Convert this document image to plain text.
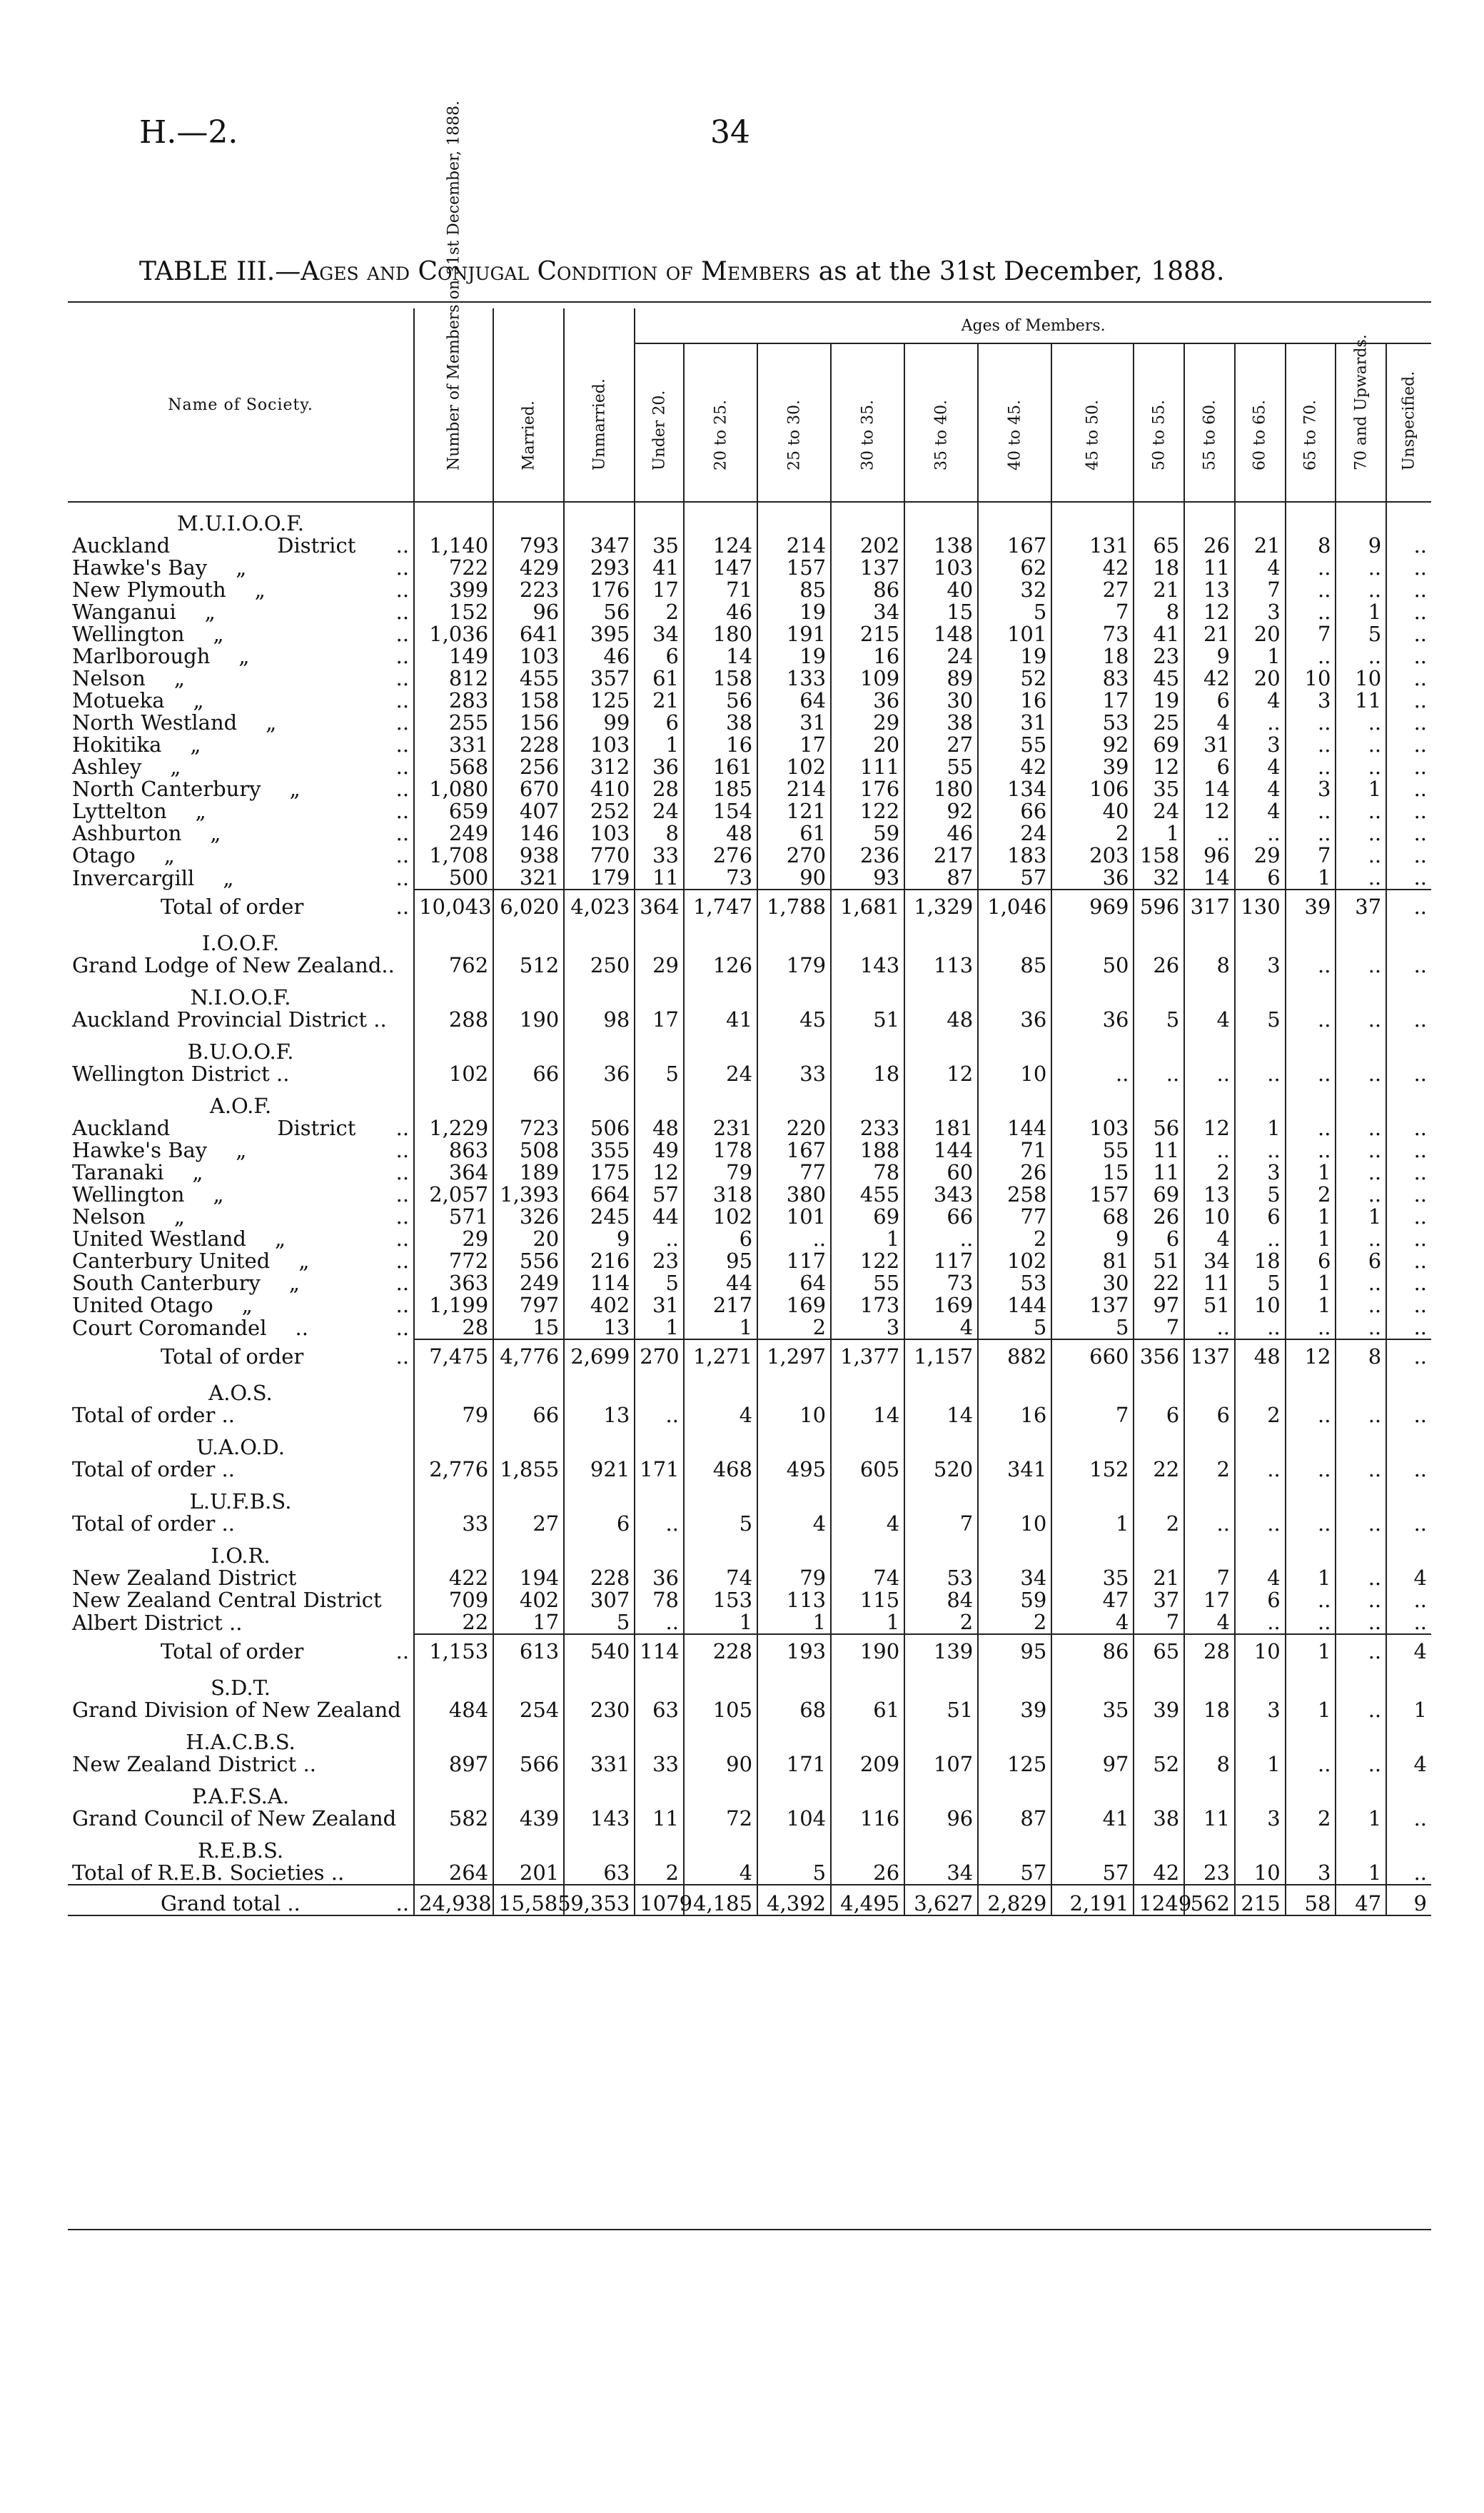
H.—2.	34
TABLE III.—Ages and Conjugal Condition of Members as at the 31st December, 1888.
Name of Society.	Number of Members on 31st December, 1888.	Married.	Unmarried.	Ages of Members.												

				Under 20.	20 to 25.	25 to 30.	30 to 35.	35 to 40.	40 to 45.	45 to 50.	50 to 55.	55 to 60.	60 to 65.	65 to 70.	70 and Upwards.	Unspecified.

M.U.I.O.O.F.																
Auckland District ..	1,140	793	347	35	124	214	202	138	167	131	65	26	21	8	9	..
Hawke's Bay „ ..	722	429	293	41	147	157	137	103	62	42	18	11	4	..	..	..
New Plymouth „ ..	399	223	176	17	71	85	86	40	32	27	21	13	7	..	..	..
Wanganui „ ..	152	96	56	2	46	19	34	15	5	7	8	12	3	..	1	..
Wellington „ ..	1,036	641	395	34	180	191	215	148	101	73	41	21	20	7	5	..
Marlborough „ ..	149	103	46	6	14	19	16	24	19	18	23	9	1	..	..	..
Nelson „ ..	812	455	357	61	158	133	109	89	52	83	45	42	20	10	10	..
Motueka „ ..	283	158	125	21	56	64	36	30	16	17	19	6	4	3	11	..
North Westland „ ..	255	156	99	6	38	31	29	38	31	53	25	4	..	..	..	..
Hokitika „ ..	331	228	103	1	16	17	20	27	55	92	69	31	3	..	..	..
Ashley „ ..	568	256	312	36	161	102	111	55	42	39	12	6	4	..	..	..
North Canterbury „ ..	1,080	670	410	28	185	214	176	180	134	106	35	14	4	3	1	..
Lyttelton „ ..	659	407	252	24	154	121	122	92	66	40	24	12	4	..	..	..
Ashburton „ ..	249	146	103	8	48	61	59	46	24	2	1	..	..	..	..	..
Otago „ ..	1,708	938	770	33	276	270	236	217	183	203	158	96	29	7	..	..
Invercargill „ ..	500	321	179	11	73	90	93	87	57	36	32	14	6	1	..	..
Total of order ..	10,043	6,020	4,023	364	1,747	1,788	1,681	1,329	1,046	969	596	317	130	39	37	..
I.O.O.F.																
Grand Lodge of New Zealand..	762	512	250	29	126	179	143	113	85	50	26	8	3	..	..	..
N.I.O.O.F.																
Auckland Provincial District ..	288	190	98	17	41	45	51	48	36	36	5	4	5	..	..	..
B.U.O.O.F.																
Wellington District ..	102	66	36	5	24	33	18	12	10	..	..	..	..	..	..	..
A.O.F.																
Auckland District ..	1,229	723	506	48	231	220	233	181	144	103	56	12	1	..	..	..
Hawke's Bay „ ..	863	508	355	49	178	167	188	144	71	55	11	..	..	..	..	..
Taranaki „ ..	364	189	175	12	79	77	78	60	26	15	11	2	3	1	..	..
Wellington „ ..	2,057	1,393	664	57	318	380	455	343	258	157	69	13	5	2	..	..
Nelson „ ..	571	326	245	44	102	101	69	66	77	68	26	10	6	1	1	..
United Westland „ ..	29	20	9	..	6	..	1	..	2	9	6	4	..	1	..	..
Canterbury United „ ..	772	556	216	23	95	117	122	117	102	81	51	34	18	6	6	..
South Canterbury „ ..	363	249	114	5	44	64	55	73	53	30	22	11	5	1	..	..
United Otago „ ..	1,199	797	402	31	217	169	173	169	144	137	97	51	10	1	..	..
Court Coromandel .. ..	28	15	13	1	1	2	3	4	5	5	7	..	..	..	..	..
Total of order ..	7,475	4,776	2,699	270	1,271	1,297	1,377	1,157	882	660	356	137	48	12	8	..
A.O.S.																
Total of order ..	79	66	13	..	4	10	14	14	16	7	6	6	2	..	..	..
U.A.O.D.																
Total of order ..	2,776	1,855	921	171	468	495	605	520	341	152	22	2	..	..	..	..
L.U.F.B.S.																
Total of order ..	33	27	6	..	5	4	4	7	10	1	2	..	..	..	..	..
I.O.R.																
New Zealand District	422	194	228	36	74	79	74	53	34	35	21	7	4	1	..	4
New Zealand Central District	709	402	307	78	153	113	115	84	59	47	37	17	6	..	..	..
Albert District ..	22	17	5	..	1	1	1	2	2	4	7	4	..	..	..	..
Total of order ..	1,153	613	540	114	228	193	190	139	95	86	65	28	10	1	..	4
S.D.T.																
Grand Division of New Zealand	484	254	230	63	105	68	61	51	39	35	39	18	3	1	..	1
H.A.C.B.S.																
New Zealand District ..	897	566	331	33	90	171	209	107	125	97	52	8	1	..	..	4
P.A.F.S.A.																
Grand Council of New Zealand	582	439	143	11	72	104	116	96	87	41	38	11	3	2	1	..
R.E.B.S.																
Total of R.E.B. Societies ..	264	201	63	2	4	5	26	34	57	57	42	23	10	3	1	..
Grand total .. ..	24,938	15,585	9,353	1079	4,185	4,392	4,495	3,627	2,829	2,191	1249	562	215	58	47	9
